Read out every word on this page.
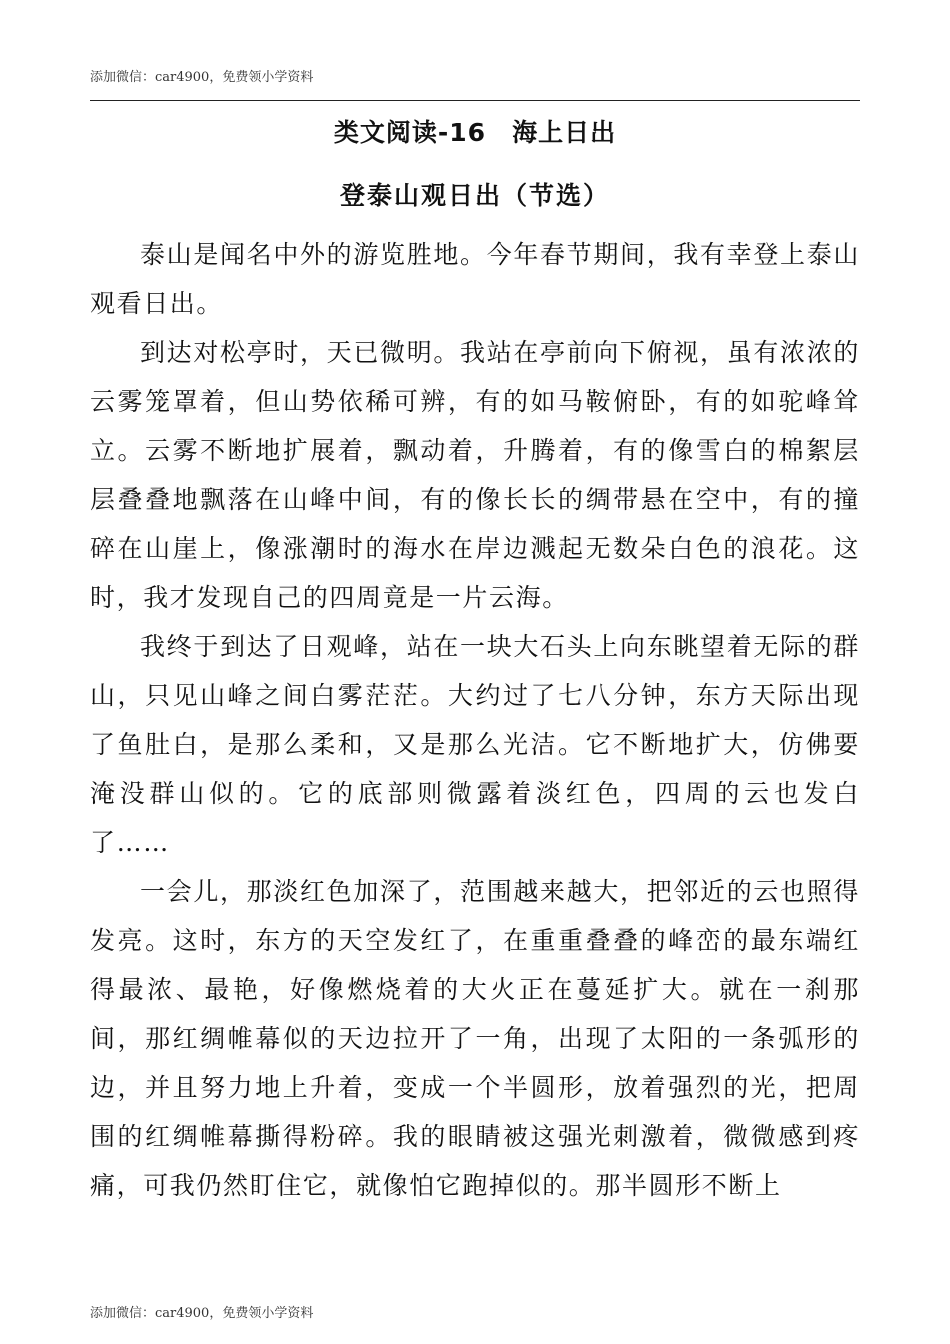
添加微信：car4900，免费领小学资料
类文阅读-16　海上日出
登泰山观日出（节选）

泰山是闻名中外的游览胜地。今年春节期间，我有幸登上泰山观看日出。

到达对松亭时，天已微明。我站在亭前向下俯视，虽有浓浓的云雾笼罩着，但山势依稀可辨，有的如马鞍俯卧，有的如驼峰耸立。云雾不断地扩展着，飘动着，升腾着，有的像雪白的棉絮层层叠叠地飘落在山峰中间，有的像长长的绸带悬在空中，有的撞碎在山崖上，像涨潮时的海水在岸边溅起无数朵白色的浪花。这时，我才发现自己的四周竟是一片云海。

我终于到达了日观峰，站在一块大石头上向东眺望着无际的群山，只见山峰之间白雾茫茫。大约过了七八分钟，东方天际出现了鱼肚白，是那么柔和，又是那么光洁。它不断地扩大，仿佛要淹没群山似的。它的底部则微露着淡红色，四周的云也发白了……

一会儿，那淡红色加深了，范围越来越大，把邻近的云也照得发亮。这时，东方的天空发红了，在重重叠叠的峰峦的最东端红得最浓、最艳，好像燃烧着的大火正在蔓延扩大。就在一刹那间，那红绸帷幕似的天边拉开了一角，出现了太阳的一条弧形的边，并且努力地上升着，变成一个半圆形，放着强烈的光，把周围的红绸帷幕撕得粉碎。我的眼睛被这强光刺激着，微微感到疼痛，可我仍然盯住它，就像怕它跑掉似的。那半圆形不断上

添加微信：car4900，免费领小学资料
